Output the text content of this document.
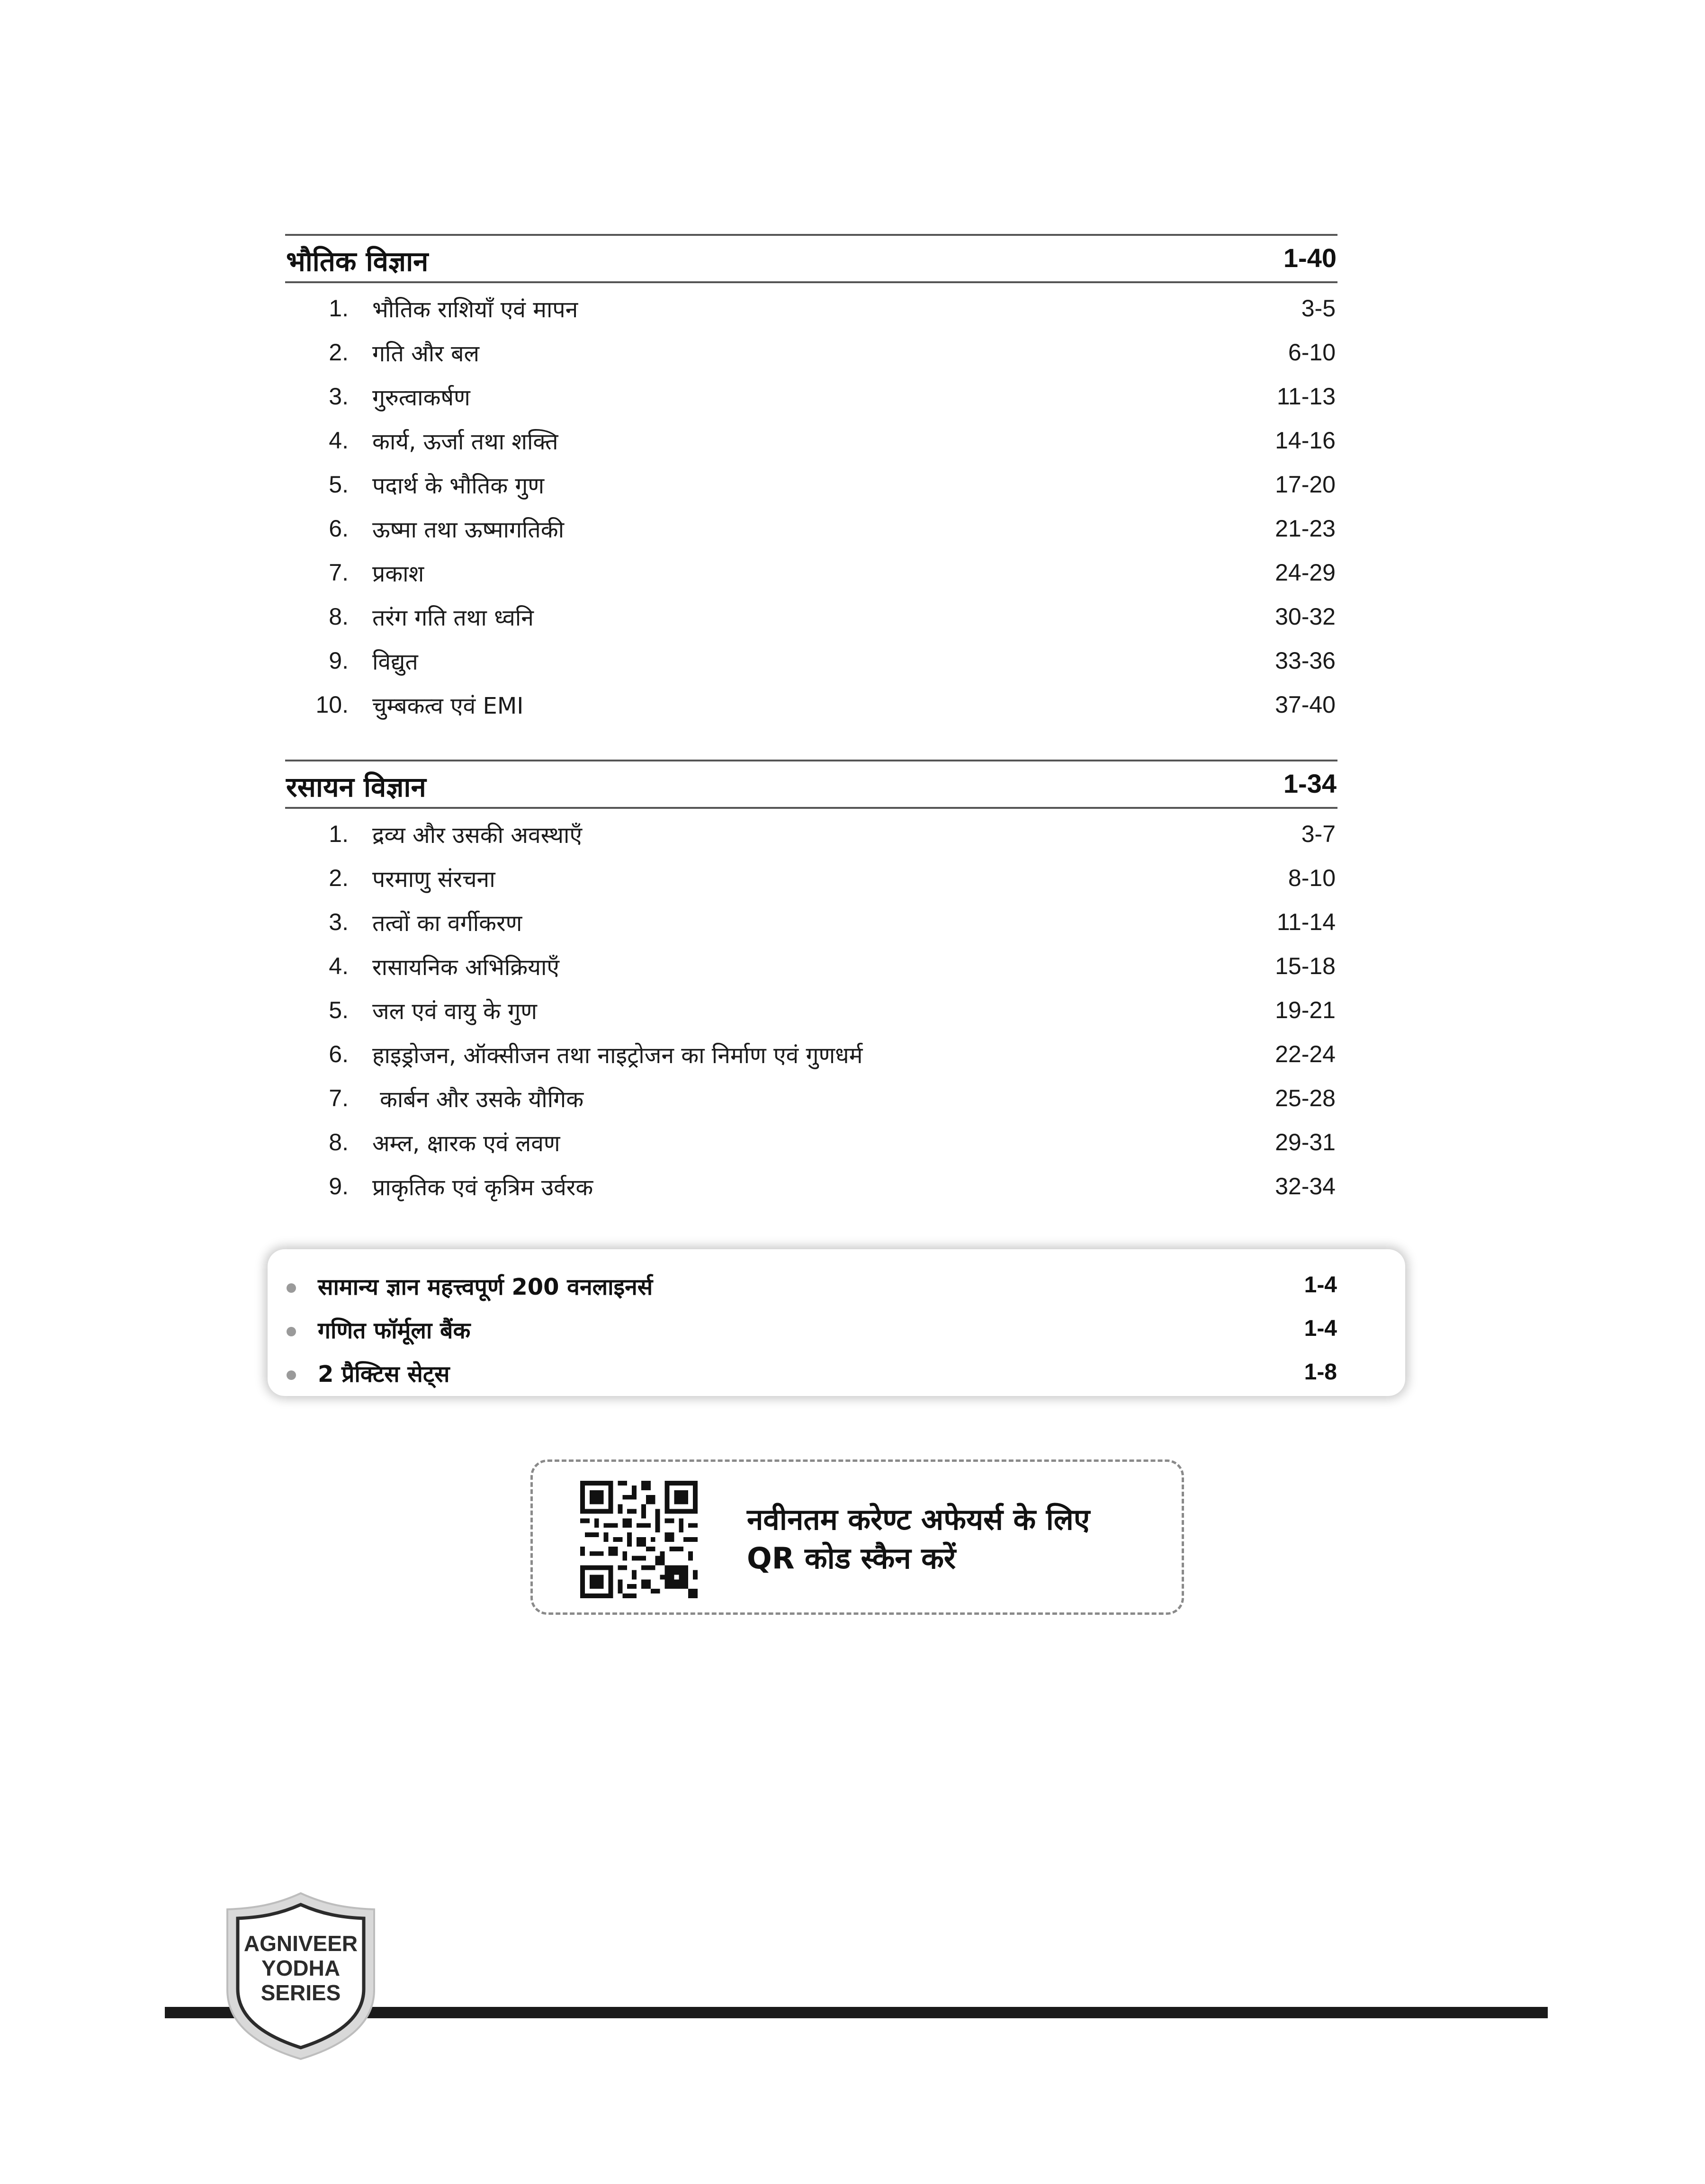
भौतिक विज्ञान	1-40
1. भौतिक राशियाँ एवं मापन	3-5
2. गति और बल	6-10
3. गुरुत्वाकर्षण	11-13
4. कार्य, ऊर्जा तथा शक्ति	14-16
5. पदार्थ के भौतिक गुण	17-20
6. ऊष्मा तथा ऊष्मागतिकी	21-23
7. प्रकाश	24-29
8. तरंग गति तथा ध्वनि	30-32
9. विद्युत	33-36
10. चुम्बकत्व एवं EMI	37-40
रसायन विज्ञान	1-34
1. द्रव्य और उसकी अवस्थाएँ	3-7
2. परमाणु संरचना	8-10
3. तत्वों का वर्गीकरण	11-14
4. रासायनिक अभिक्रियाएँ	15-18
5. जल एवं वायु के गुण	19-21
6. हाइड्रोजन, ऑक्सीजन तथा नाइट्रोजन का निर्माण एवं गुणधर्म	22-24
7. कार्बन और उसके यौगिक	25-28
8. अम्ल, क्षारक एवं लवण	29-31
9. प्राकृतिक एवं कृत्रिम उर्वरक	32-34
सामान्य ज्ञान महत्त्वपूर्ण 200 वनलाइनर्स	1-4
गणित फॉर्मूला बैंक	1-4
2 प्रैक्टिस सेट्स	1-8
नवीनतम करेण्ट अफेयर्स के लिए
QR कोड स्कैन करें
AGNIVEER
YODHA
SERIES
